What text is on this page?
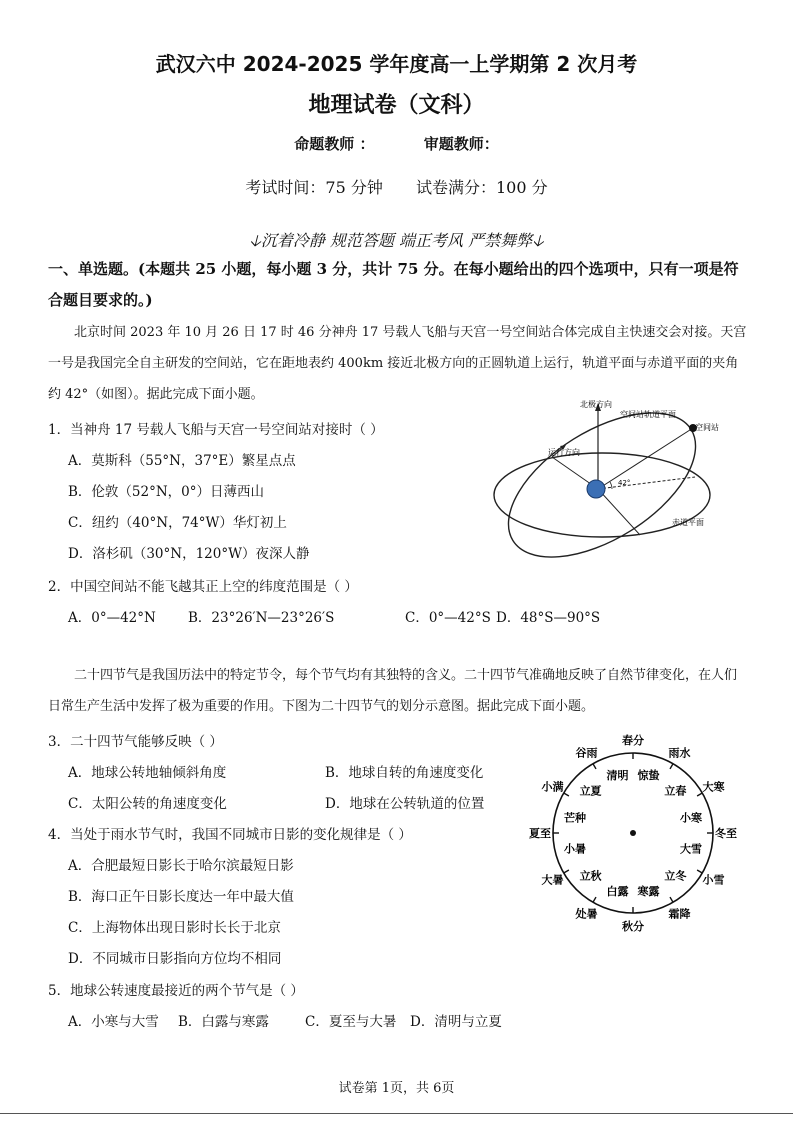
武汉六中 2024-2025 学年度高一上学期第 2 次月考
地理试卷（文科）
命题教师 ：	审题教师：
考试时间：75 分钟 试卷满分：100 分
🡣沉着冷静 规范答题 端正考风 严禁舞弊🡣
一、单选题。(本题共 25 小题，每小题 3 分，共计 75 分。在每小题给出的四个选项中，只有一项是符合题目要求的。)
北京时间 2023 年 10 月 26 日 17 时 46 分神舟 17 号载人飞船与天宫一号空间站合体完成自主快速交会对接。天宫一号是我国完全自主研发的空间站，它在距地表约 400km 接近北极方向的正圆轨道上运行，轨道平面与赤道平面的夹角约 42°（如图）。据此完成下面小题。
1．当神舟 17 号载人飞船与天宫一号空间站对接时（ ）
A．莫斯科（55°N，37°E）繁星点点
B．伦敦（52°N，0°）日薄西山
C．纽约（40°N，74°W）华灯初上
D．洛杉矶（30°N，120°W）夜深人静
北极方向
空间站轨道平面
空间站
运行方向
42°
赤道平面
2．中国空间站不能飞越其正上空的纬度范围是（ ）
A．0°—42°N B．23°26′N—23°26′S	C．0°—42°S D．48°S—90°S
二十四节气是我国历法中的特定节令，每个节气均有其独特的含义。二十四节气准确地反映了自然节律变化，在人们日常生产生活中发挥了极为重要的作用。下图为二十四节气的划分示意图。据此完成下面小题。
3．二十四节气能够反映（ ）
A．地球公转地轴倾斜角度	B．地球自转的角速度变化
C．太阳公转的角速度变化	D．地球在公转轨道的位置
4．当处于雨水节气时，我国不同城市日影的变化规律是（ ）
A．合肥最短日影长于哈尔滨最短日影
B．海口正午日影长度达一年中最大值
C．上海物体出现日影时长长于北京
D．不同城市日影指向方位均不相同
5．地球公转速度最接近的两个节气是（ ）
A．小寒与大雪 B．白露与寒露	C．夏至与大暑 D．清明与立夏
春分
雨水
大寒
冬至
小雪
霜降
秋分
处暑
大暑
夏至
小满
谷雨
惊蛰
立春
小寒
大雪
立冬
寒露
白露
立秋
小暑
芒种
立夏
清明
试卷第 1页，共 6页
